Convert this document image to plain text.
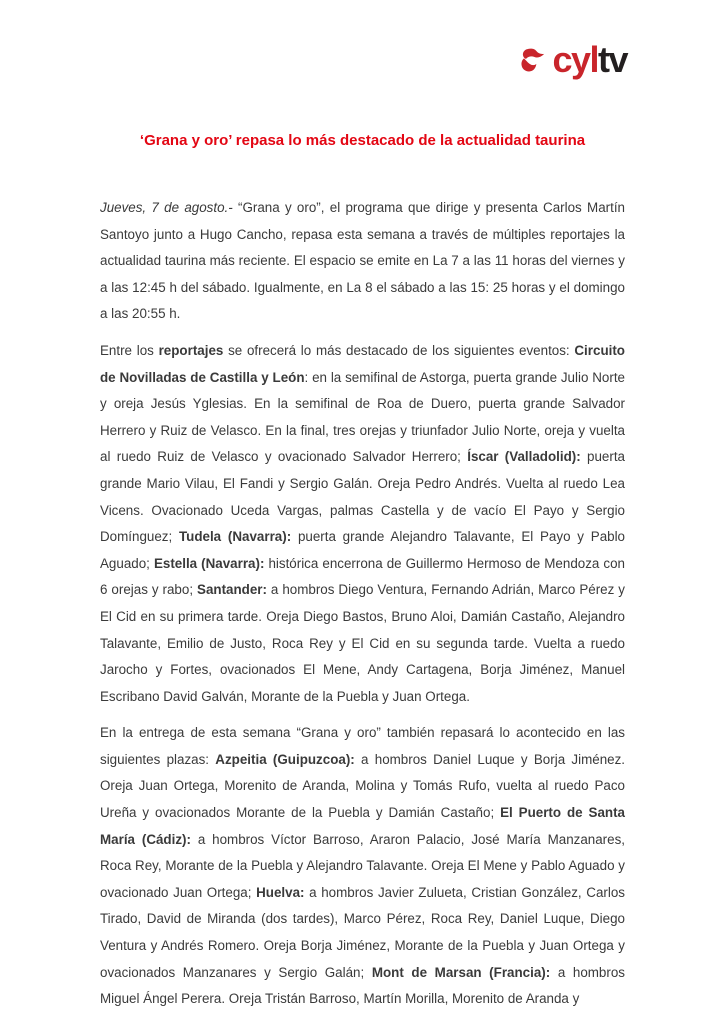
cyltv
‘Grana y oro’ repasa lo más destacado de la actualidad taurina

Jueves, 7 de agosto.- “Grana y oro”, el programa que dirige y presenta Carlos Martín Santoyo junto a Hugo Cancho, repasa esta semana a través de múltiples reportajes la actualidad taurina más reciente. El espacio se emite en La 7 a las 11 horas del viernes y a las 12:45 h del sábado. Igualmente, en La 8 el sábado a las 15: 25 horas y el domingo a las 20:55 h.

Entre los reportajes se ofrecerá lo más destacado de los siguientes eventos: Circuito de Novilladas de Castilla y León: en la semifinal de Astorga, puerta grande Julio Norte y oreja Jesús Yglesias. En la semifinal de Roa de Duero, puerta grande Salvador Herrero y Ruiz de Velasco. En la final, tres orejas y triunfador Julio Norte, oreja y vuelta al ruedo Ruiz de Velasco y ovacionado Salvador Herrero; Íscar (Valladolid): puerta grande Mario Vilau, El Fandi y Sergio Galán. Oreja Pedro Andrés. Vuelta al ruedo Lea Vicens. Ovacionado Uceda Vargas, palmas Castella y de vacío El Payo y Sergio Domínguez; Tudela (Navarra): puerta grande Alejandro Talavante, El Payo y Pablo Aguado; Estella (Navarra): histórica encerrona de Guillermo Hermoso de Mendoza con 6 orejas y rabo; Santander: a hombros Diego Ventura, Fernando Adrián, Marco Pérez y El Cid en su primera tarde. Oreja Diego Bastos, Bruno Aloi, Damián Castaño, Alejandro Talavante, Emilio de Justo, Roca Rey y El Cid en su segunda tarde. Vuelta a ruedo Jarocho y Fortes, ovacionados El Mene, Andy Cartagena, Borja Jiménez, Manuel Escribano David Galván, Morante de la Puebla y Juan Ortega.

En la entrega de esta semana “Grana y oro” también repasará lo acontecido en las siguientes plazas: Azpeitia (Guipuzcoa): a hombros Daniel Luque y Borja Jiménez. Oreja Juan Ortega, Morenito de Aranda, Molina y Tomás Rufo, vuelta al ruedo Paco Ureña y ovacionados Morante de la Puebla y Damián Castaño; El Puerto de Santa María (Cádiz): a hombros Víctor Barroso, Araron Palacio, José María Manzanares, Roca Rey, Morante de la Puebla y Alejandro Talavante. Oreja El Mene y Pablo Aguado y ovacionado Juan Ortega; Huelva: a hombros Javier Zulueta, Cristian González, Carlos Tirado, David de Miranda (dos tardes), Marco Pérez, Roca Rey, Daniel Luque, Diego Ventura y Andrés Romero. Oreja Borja Jiménez, Morante de la Puebla y Juan Ortega y ovacionados Manzanares y Sergio Galán; Mont de Marsan (Francia): a hombros Miguel Ángel Perera. Oreja Tristán Barroso, Martín Morilla, Morenito de Aranda y
